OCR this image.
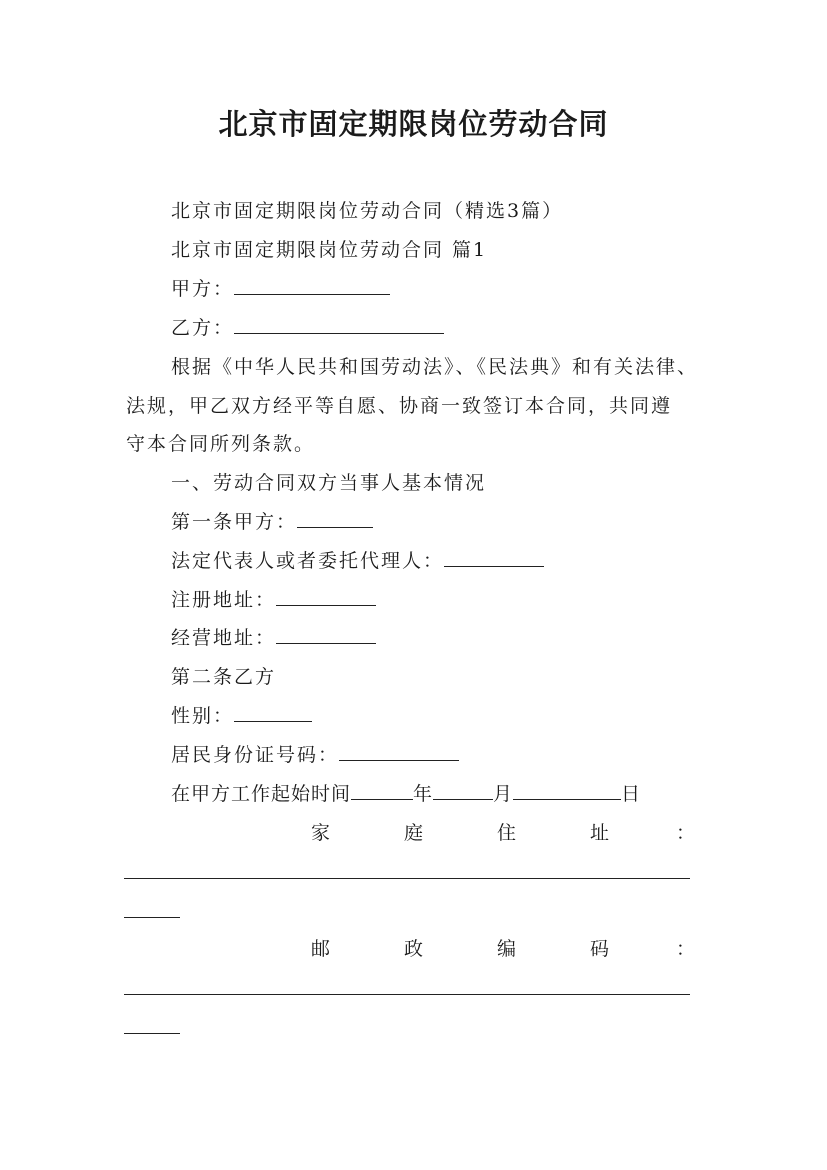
北京市固定期限岗位劳动合同
北京市固定期限岗位劳动合同（精选3篇）
北京市固定期限岗位劳动合同 篇1
甲方：
乙方：
根据《中华人民共和国劳动法》、《民法典》和有关法律、
法规，甲乙双方经平等自愿、协商一致签订本合同，共同遵
守本合同所列条款。
一、劳动合同双方当事人基本情况
第一条甲方：
法定代表人或者委托代理人：
注册地址：
经营地址：
第二条乙方
性别：
居民身份证号码：
在甲方工作起始时间	年	月	日
家	庭	住	址	：
邮	政	编	码	：
